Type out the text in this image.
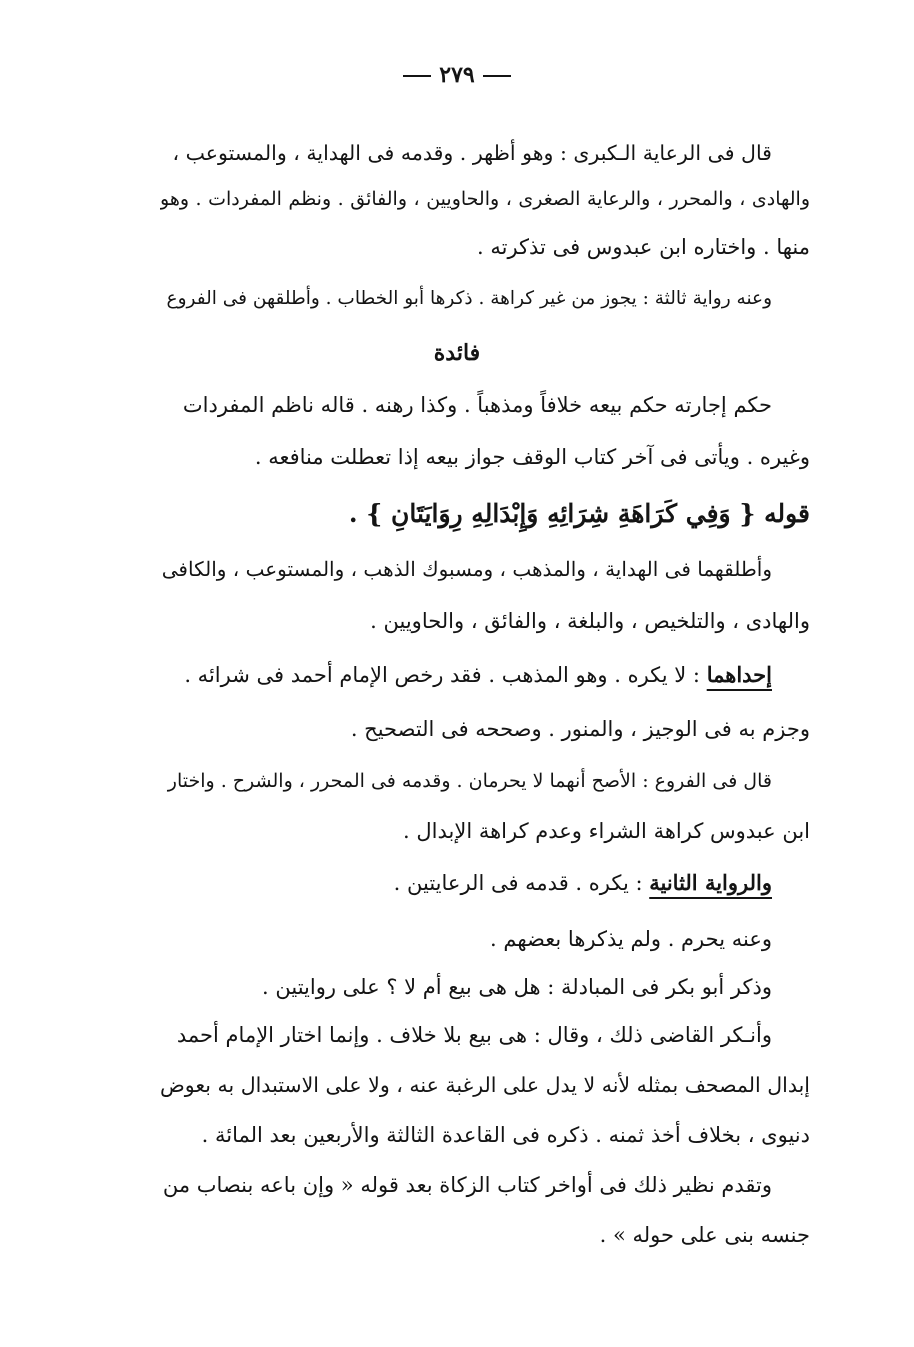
٢٧٩
قال فى الرعاية الـكبرى : وهو أظهر . وقدمه فى الهداية ، والمستوعب ،
والهادى ، والمحرر ، والرعاية الصغرى ، والحاويين ، والفائق . ونظم المفردات . وهو
منها . واختاره ابن عبدوس فى تذكرته .
وعنه رواية ثالثة : يجوز من غير كراهة . ذكرها أبو الخطاب . وأطلقهن فى الفروع
فائدة
حكم إجارته حكم بيعه خلافاً ومذهباً . وكذا رهنه . قاله ناظم المفردات
وغيره . ويأتى فى آخر كتاب الوقف جواز بيعه إذا تعطلت منافعه .
قوله { وَفِي كَرَاهَةِ شِرَائِهِ وَإِبْدَالِهِ رِوَايَتَانِ } .
وأطلقهما فى الهداية ، والمذهب ، ومسبوك الذهب ، والمستوعب ، والكافى
والهادى ، والتلخيص ، والبلغة ، والفائق ، والحاويين .
إحداهما : لا يكره . وهو المذهب . فقد رخص الإمام أحمد فى شرائه .
وجزم به فى الوجيز ، والمنور . وصححه فى التصحيح .
قال فى الفروع : الأصح أنهما لا يحرمان . وقدمه فى المحرر ، والشرح . واختار
ابن عبدوس كراهة الشراء وعدم كراهة الإبدال .
والرواية الثانية : يكره . قدمه فى الرعايتين .
وعنه يحرم . ولم يذكرها بعضهم .
وذكر أبو بكر فى المبادلة : هل هى بيع أم لا ؟ على روايتين .
وأنـكر القاضى ذلك ، وقال : هى بيع بلا خلاف . وإنما اختار الإمام أحمد
إبدال المصحف بمثله لأنه لا يدل على الرغبة عنه ، ولا على الاستبدال به بعوض
دنيوى ، بخلاف أخذ ثمنه . ذكره فى القاعدة الثالثة والأربعين بعد المائة .
وتقدم نظير ذلك فى أواخر كتاب الزكاة بعد قوله « وإن باعه بنصاب من
جنسه بنى على حوله » .
